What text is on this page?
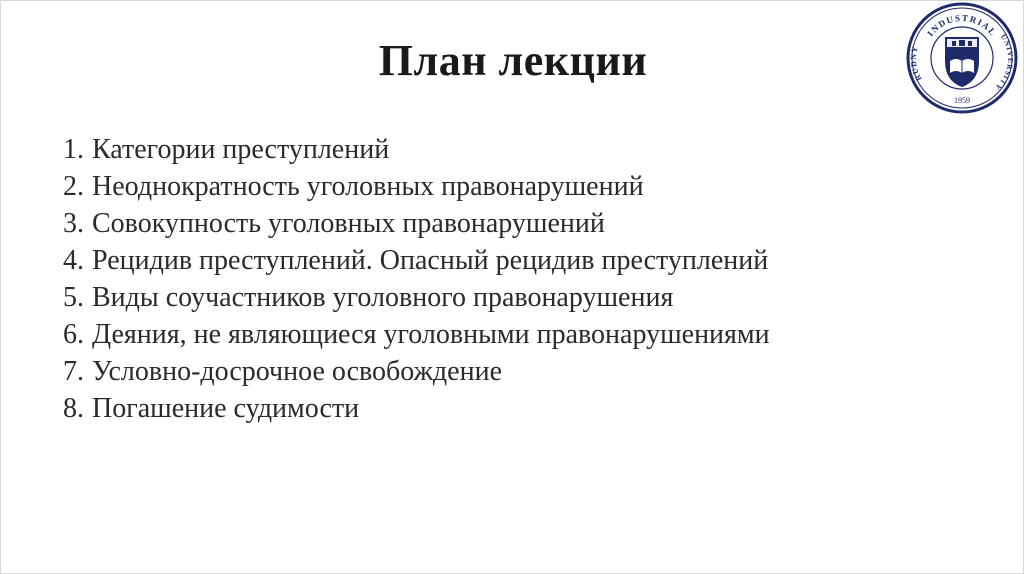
План лекции
1. Категории преступлений
2. Неоднократность уголовных правонарушений
3. Совокупность уголовных правонарушений
4. Рецидив преступлений. Опасный рецидив преступлений
5. Виды соучастников уголовного правонарушения
6. Деяния, не являющиеся уголовными правонарушениями
7. Условно-досрочное освобождение
8. Погашение судимости
INDUSTRIAL
RUDNY
UNIVERSITY
1959
